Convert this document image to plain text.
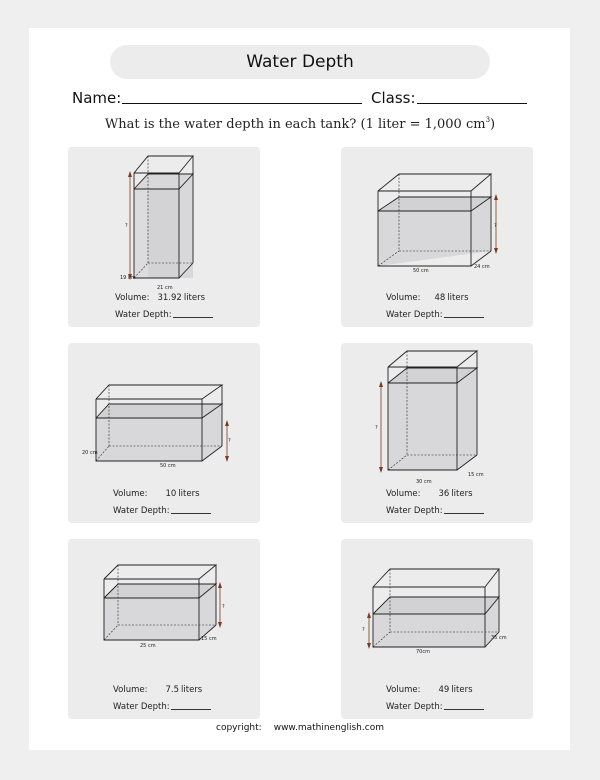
Water Depth
Name:	Class:
What is the water depth in each tank? (1 liter = 1,000 $cm^3$)
?
19 cm
21 cm
Volume: 31.92 liters
Water Depth:
?
50 cm
24 cm
Volume: 48 liters
Water Depth:
?
20 cm
50 cm
Volume: 10 liters
Water Depth:
?
30 cm
15 cm
Volume: 36 liters
Water Depth:
?
25 cm
15 cm
Volume: 7.5 liters
Water Depth:
?
70cm
35 cm
Volume: 49 liters
Water Depth:
copyright: www.mathinenglish.com
